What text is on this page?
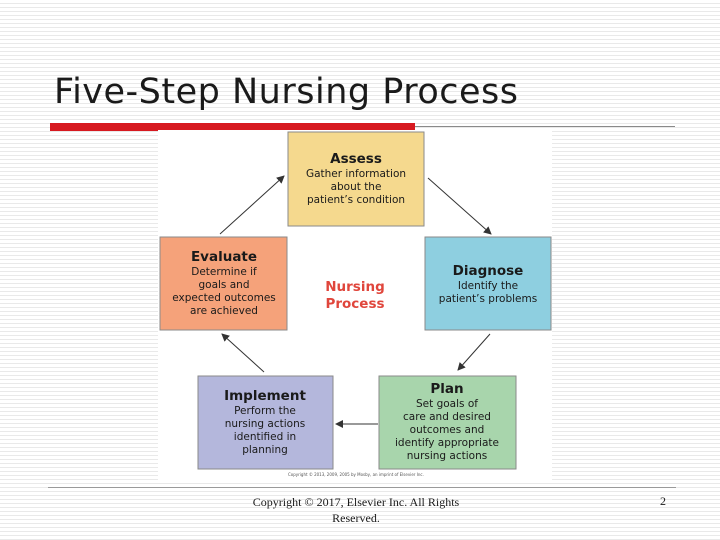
Five-Step Nursing Process
Assess
Gather information
about the
patient’s condition
Diagnose
Identify the
patient’s problems
Plan
Set goals of
care and desired
outcomes and
identify appropriate
nursing actions
Implement
Perform the
nursing actions
identified in
planning
Evaluate
Determine if
goals and
expected outcomes
are achieved
Nursing
Process
Copyright © 2013, 2009, 2005 by Mosby, an imprint of Elsevier Inc.
Copyright © 2017, Elsevier Inc. All Rights Reserved.
2
